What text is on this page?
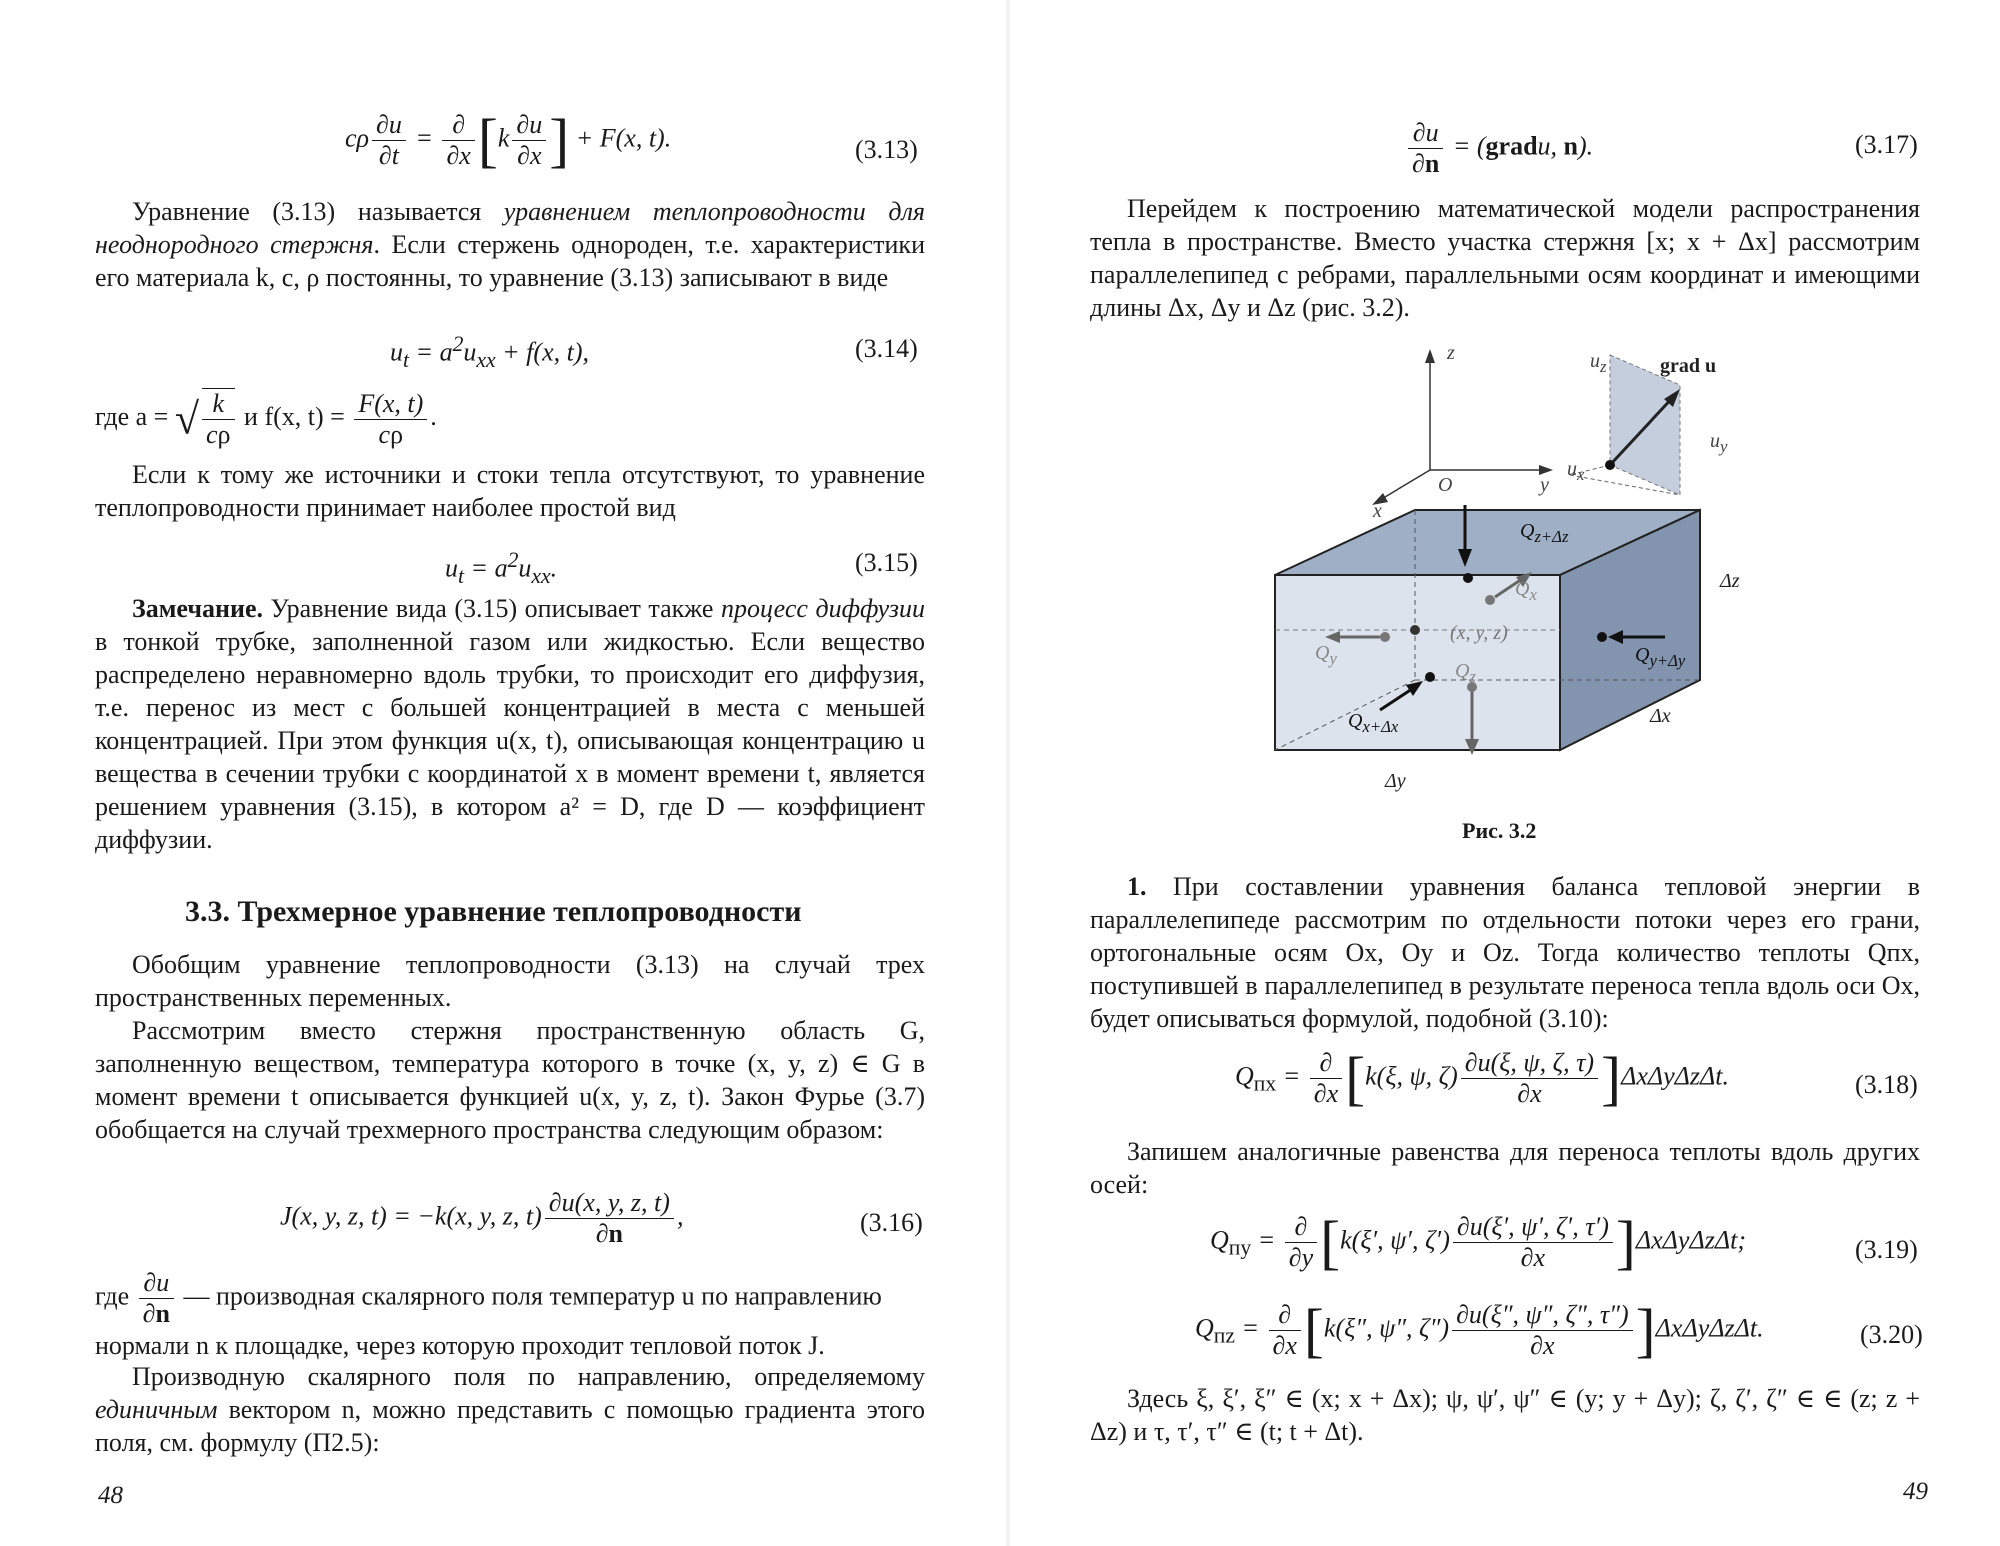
cρ $\frac{\partial u}{\partial t} = \frac{\partial}{\partial x} [k \frac{\partial u}{\partial x}$ ] + F(x, t).	(3.13)

Уравнение (3.13) называется уравнением теплопроводности для неоднородного стержня. Если стержень однороден, т.е. характеристики его материала k, c, ρ постоянны, то уравнение (3.13) записывают в виде

$u_t = a^2u_{xx} + f(x$, t),	(3.14)
где a = √ $\frac{k}{c\rho}$ и f(x, $t) = \frac{F(x, t)}{c\rho}$ .

Если к тому же источники и стоки тепла отсутствуют, то уравнение теплопроводности принимает наиболее простой вид

$u_t = a^2u_{xx}$.	(3.15)

Замечание. Уравнение вида (3.15) описывает также процесс диффузии в тонкой трубке, заполненной газом или жидкостью. Если вещество распределено неравномерно вдоль трубки, то происходит его диффузия, т.е. перенос из мест с большей концентрацией в места с меньшей концентрацией. При этом функция u(x, t), описывающая концентрацию u вещества в сечении трубки с координатой x в момент времени t, является решением уравнения (3.15), в котором a² = D, где D — коэффициент диффузии.

3.3. Трехмерное уравнение теплопроводности

Обобщим уравнение теплопроводности (3.13) на случай трех пространственных переменных.

Рассмотрим вместо стержня пространственную область G, заполненную веществом, температура которого в точке (x, y, z) ∈ G в момент времени t описывается функцией u(x, y, z, t). Закон Фурье (3.7) обобщается на случай трехмерного пространства следующим образом:

J(x, y, z, t) = −k(x, y, z, $t) \frac{\partial u(x, y, z, t)}{\partial n}$ ,	(3.16)
где $\frac{\partial u}{\partial n}$ — производная скалярного поля температур u по направлению нормали n к площадке, через которую проходит тепловой поток J.

Производную скалярного поля по направлению, определяемому единичным вектором n, можно представить с помощью градиента этого поля, см. формулу (П2.5):

48
$\frac{\partial u}{\partial n}$ = (gradu, n).	(3.17)

Перейдем к построению математической модели распространения тепла в пространстве. Вместо участка стержня [x; x + Δx] рассмотрим параллелепипед с ребрами, параллельными осям координат и имеющими длины Δx, Δy и Δz (рис. 3.2).

z
O	y
x
$u_z$	grad u
$u_y$
$u_x$
$Q_{z+\Delta z}$
$Q_x$
Δz
(x, y, z)
$Q_y$	$Q_{y+\Delta y}$
$Q_z$
$Q_{x+\Delta x}$	Δx
Δy
Рис. 3.2

1. При составлении уравнения баланса тепловой энергии в параллелепипеде рассмотрим по отдельности потоки через его грани, ортогональные осям Ox, Oy и Oz. Тогда количество теплоты Qпх, поступившей в параллелепипед в результате переноса тепла вдоль оси Ox, будет описываться формулой, подобной (3.10):

$Q_{пх} = \frac{\partial}{\partial x} [k(\xi$, ψ, $\zeta) \frac{\partial u(\xi, \psi, \zeta, \tau)}{\partial x} ]\Delta x\Delta y\Delta z\Delta t$.	(3.18)

Запишем аналогичные равенства для переноса теплоты вдоль других осей:

$Q_{пy} = \frac{\partial}{\partial y} [k(\xi'$, ψ′, $\zeta') \frac{\partial u(\xi', \psi', \zeta', \tau')}{\partial x} ]\Delta x\Delta y\Delta z\Delta t$;	(3.19)
$Q_{пz} = \frac{\partial}{\partial x} [k(\xi''$, ψ″, $\zeta'') \frac{\partial u(\xi'', \psi'', \zeta'', \tau'')}{\partial x} ]\Delta x\Delta y\Delta z\Delta t$.	(3.20)

Здесь ξ, ξ′, ξ″ ∈ (x; x + Δx); ψ, ψ′, ψ″ ∈ (y; y + Δy); ζ, ζ′, ζ″ ∈ ∈ (z; z + Δz) и τ, τ′, τ″ ∈ (t; t + Δt).

49
